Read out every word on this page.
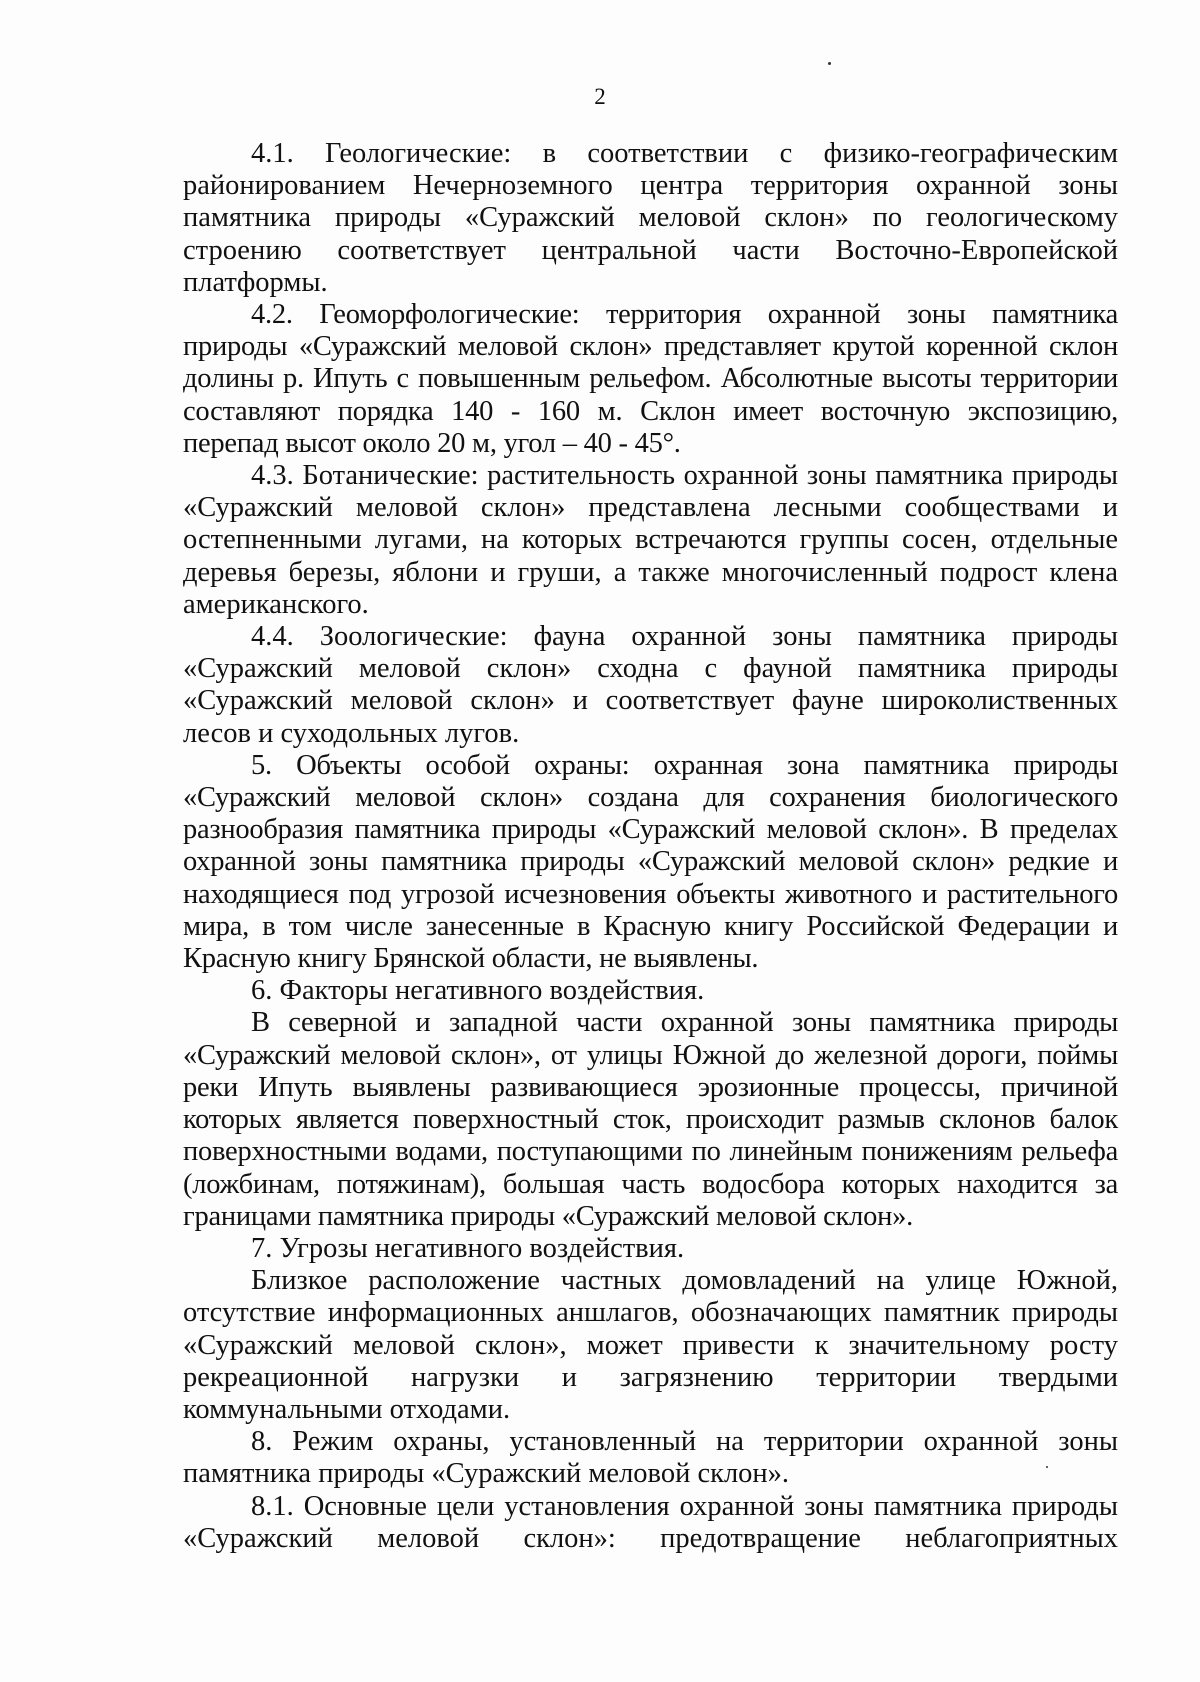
2

4.1. Геологические: в соответствии с физико-географическим районированием Нечерноземного центра территория охранной зоны памятника природы «Суражский меловой склон» по геологическому строению соответствует центральной части Восточно-Европейской платформы.

4.2. Геоморфологические: территория охранной зоны памятника природы «Суражский меловой склон» представляет крутой коренной склон долины р. Ипуть с повышенным рельефом. Абсолютные высоты территории составляют порядка 140 - 160 м. Склон имеет восточную экспозицию, перепад высот около 20 м, угол – 40 - 45°.

4.3. Ботанические: растительность охранной зоны памятника природы «Суражский меловой склон» представлена лесными сообществами и остепненными лугами, на которых встречаются группы сосен, отдельные деревья березы, яблони и груши, а также многочисленный подрост клена американского.

4.4. Зоологические: фауна охранной зоны памятника природы «Суражский меловой склон» сходна с фауной памятника природы «Суражский меловой склон» и соответствует фауне широколиственных лесов и суходольных лугов.

5. Объекты особой охраны: охранная зона памятника природы «Суражский меловой склон» создана для сохранения биологического разнообразия памятника природы «Суражский меловой склон». В пределах охранной зоны памятника природы «Суражский меловой склон» редкие и находящиеся под угрозой исчезновения объекты животного и растительного мира, в том числе занесенные в Красную книгу Российской Федерации и Красную книгу Брянской области, не выявлены.

6. Факторы негативного воздействия.

В северной и западной части охранной зоны памятника природы «Суражский меловой склон», от улицы Южной до железной дороги, поймы реки Ипуть выявлены развивающиеся эрозионные процессы, причиной которых является поверхностный сток, происходит размыв склонов балок поверхностными водами, поступающими по линейным понижениям рельефа (ложбинам, потяжинам), большая часть водосбора которых находится за границами памятника природы «Суражский меловой склон».

7. Угрозы негативного воздействия.

Близкое расположение частных домовладений на улице Южной, отсутствие информационных аншлагов, обозначающих памятник природы «Суражский меловой склон», может привести к значительному росту рекреационной нагрузки и загрязнению территории твердыми коммунальными отходами.

8. Режим охраны, установленный на территории охранной зоны памятника природы «Суражский меловой склон».

8.1. Основные цели установления охранной зоны памятника природы «Суражский меловой склон»: предотвращение неблагоприятных
